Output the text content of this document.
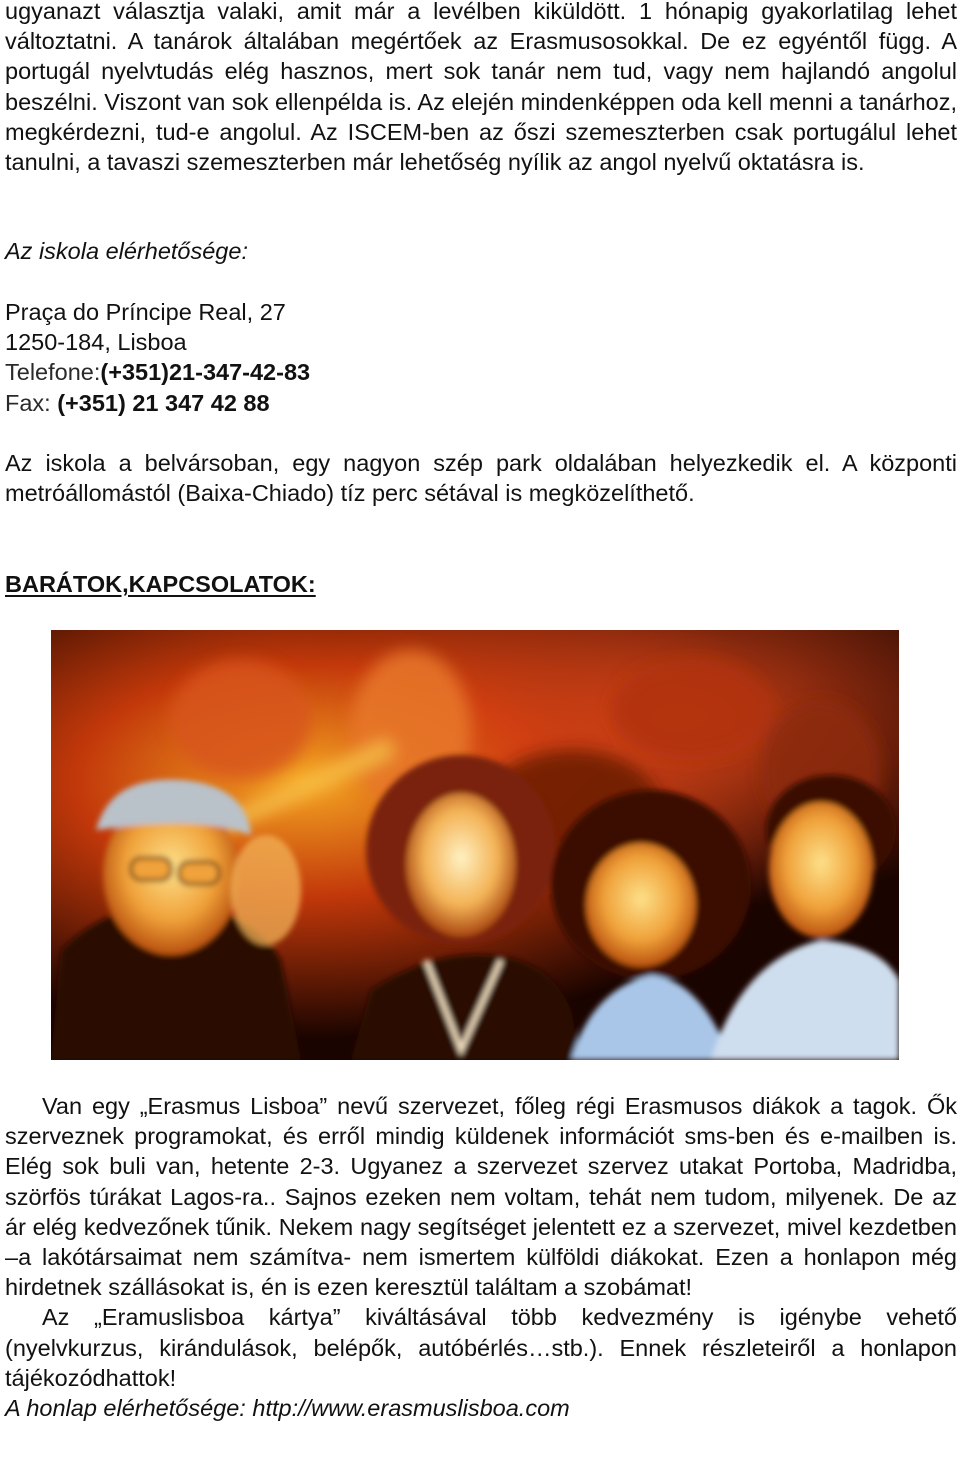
ugyanazt választja valaki, amit már a levélben kiküldött. 1 hónapig gyakorlatilag lehet változtatni. A tanárok általában megértőek az Erasmusosokkal. De ez egyéntől függ. A portugál nyelvtudás elég hasznos, mert sok tanár nem tud, vagy nem hajlandó angolul beszélni. Viszont van sok ellenpélda is. Az elején mindenképpen oda kell menni a tanárhoz, megkérdezni, tud-e angolul. Az ISCEM-ben az őszi szemeszterben csak portugálul lehet tanulni, a tavaszi szemeszterben már lehetőség nyílik az angol nyelvű oktatásra is.

Az iskola elérhetősége:

Praça do Príncipe Real, 27

1250-184, Lisboa

Telefone:(+351)21-347-42-83

Fax: (+351) 21 347 42 88

Az iskola a belvársoban, egy nagyon szép park oldalában helyezkedik el. A központi metróállomástól (Baixa-Chiado) tíz perc sétával is megközelíthető.

BARÁTOK,KAPCSOLATOK:

Van egy „Erasmus Lisboa” nevű szervezet, főleg régi Erasmusos diákok a tagok. Ők szerveznek programokat, és erről mindig küldenek információt sms-ben és e-mailben is. Elég sok buli van, hetente 2-3. Ugyanez a szervezet szervez utakat Portoba, Madridba, szörfös túrákat Lagos-ra.. Sajnos ezeken nem voltam, tehát nem tudom, milyenek. De az ár elég kedvezőnek tűnik. Nekem nagy segítséget jelentett ez a szervezet, mivel kezdetben –a lakótársaimat nem számítva- nem ismertem külföldi diákokat. Ezen a honlapon még hirdetnek szállásokat is, én is ezen keresztül találtam a szobámat!

Az „Eramuslisboa kártya” kiváltásával több kedvezmény is igénybe vehető (nyelvkurzus, kirándulások, belépők, autóbérlés…stb.). Ennek részleteiről a honlapon tájékozódhattok!

A honlap elérhetősége: http://www.erasmuslisboa.com
